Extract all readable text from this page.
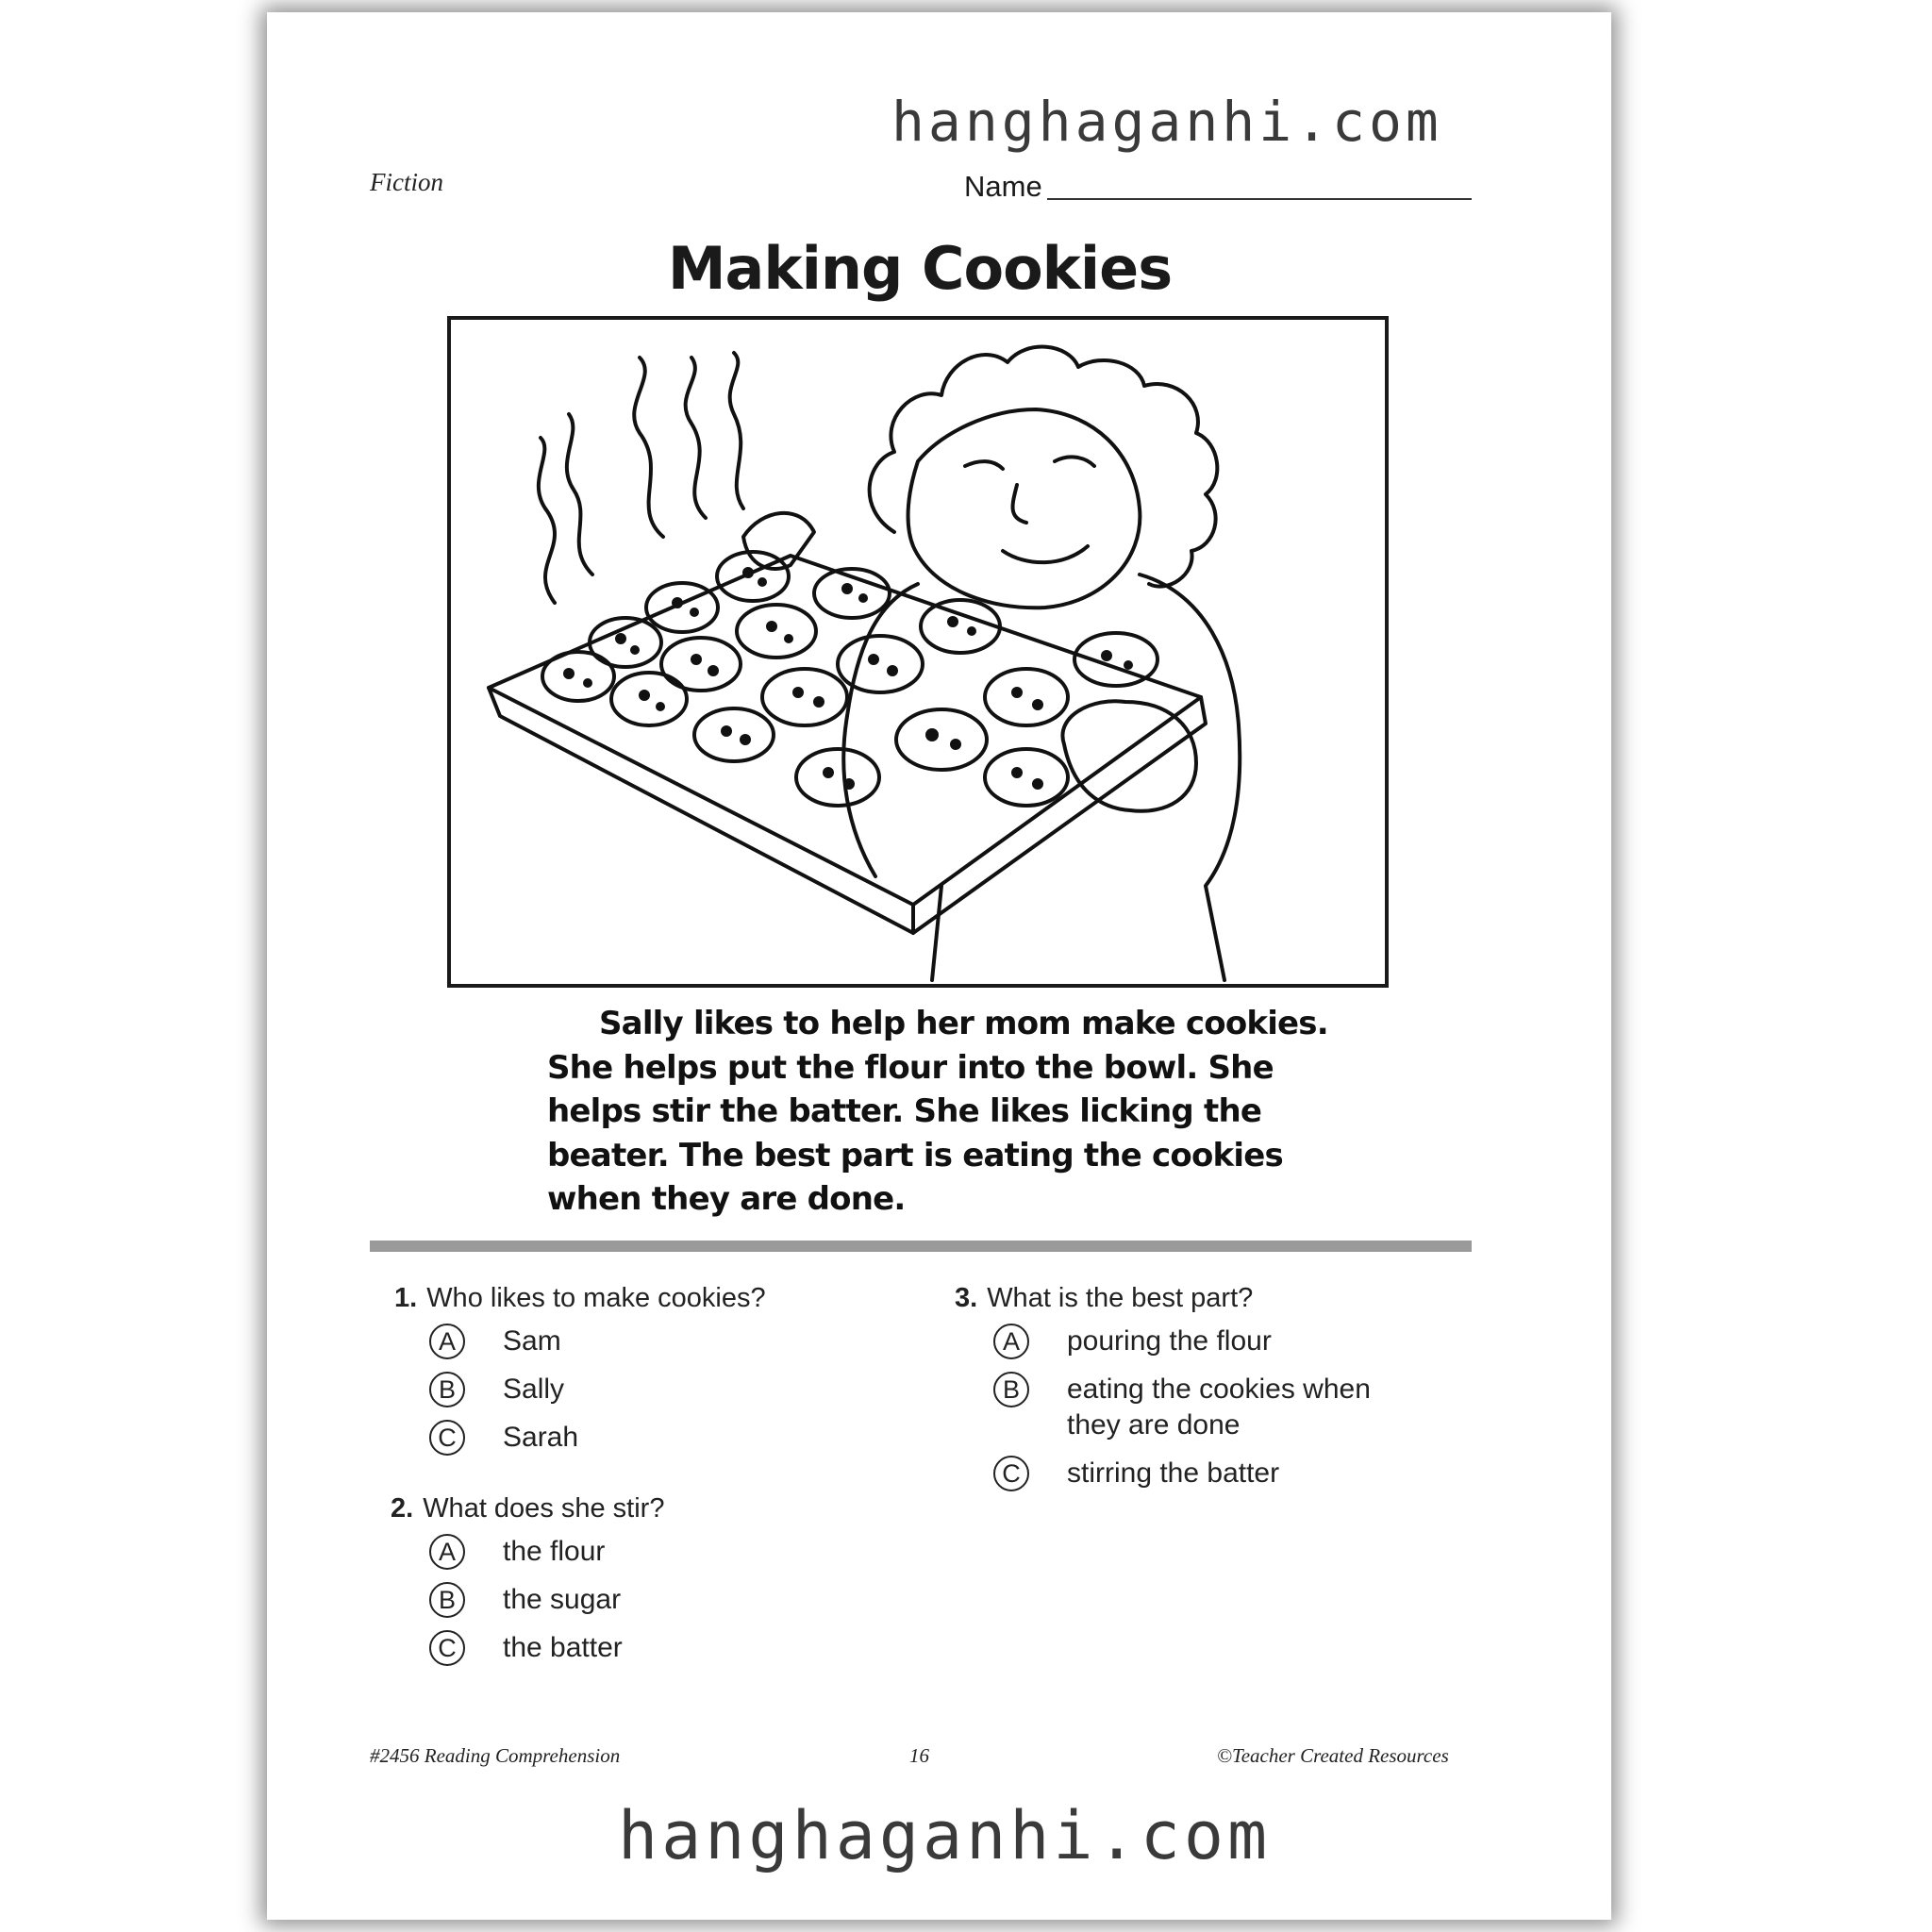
hanghaganhi.com
Fiction	Name
Making Cookies

Sally likes to help her mom make cookies. She helps put the flour into the bowl. She helps stir the batter. She likes licking the beater. The best part is eating the cookies when they are done.

1. Who likes to make cookies?
A	Sam
B	Sally
C	Sarah
2. What does she stir?
A	the flour
B	the sugar
C	the batter
3. What is the best part?
A	pouring the flour
B	eating the cookies when they are done
C	stirring the batter
#2456 Reading Comprehension	16	©Teacher Created Resources
hanghaganhi.com
